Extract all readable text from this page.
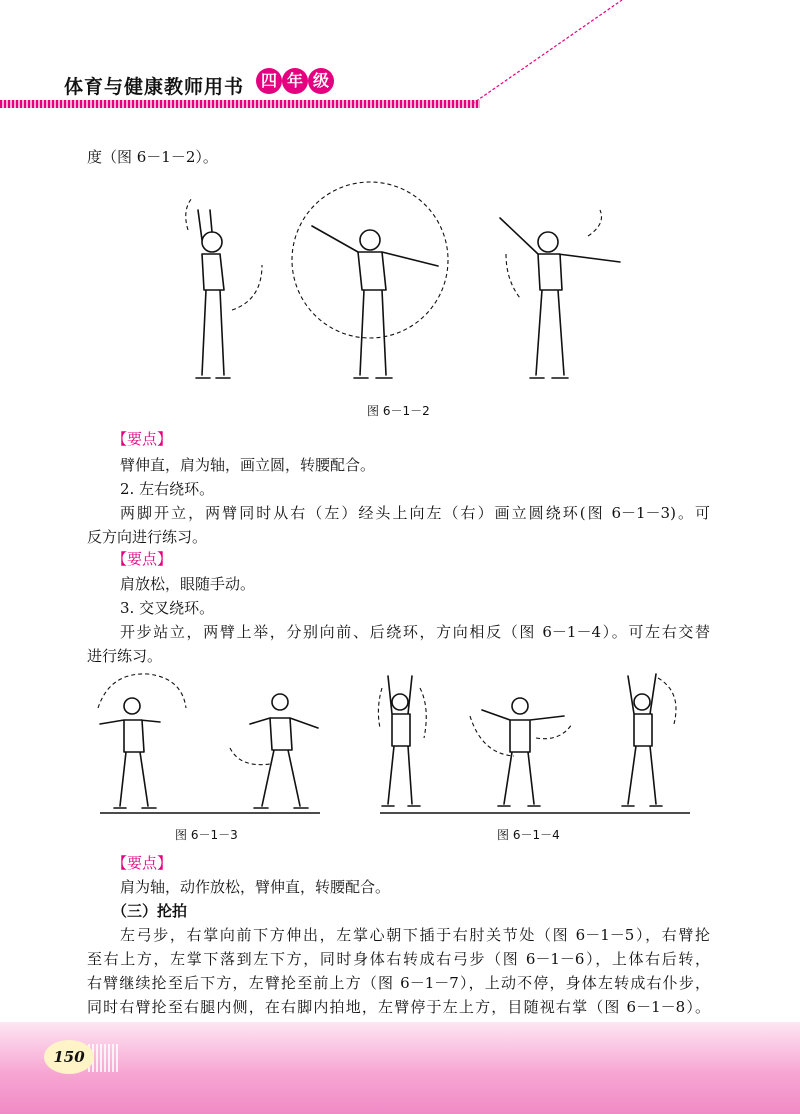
体育与健康教师用书	四 年 级
度（图 6－1－2）。
图 6－1－2
【要点】
臂伸直，肩为轴，画立圆，转腰配合。
2. 左右绕环。
两脚开立，两臂同时从右（左）经头上向左（右）画立圆绕环(图 6－1－3)。可
反方向进行练习。
【要点】
肩放松，眼随手动。
3. 交叉绕环。
开步站立，两臂上举，分别向前、后绕环，方向相反（图 6－1－4）。可左右交替
进行练习。
图 6－1－3	图 6－1－4
【要点】
肩为轴，动作放松，臂伸直，转腰配合。
（三）抡拍
左弓步，右掌向前下方伸出，左掌心朝下插于右肘关节处（图 6－1－5），右臂抡
至右上方，左掌下落到左下方，同时身体右转成右弓步（图 6－1－6），上体右后转，
右臂继续抡至后下方，左臂抡至前上方（图 6－1－7），上动不停，身体左转成右仆步，
同时右臂抡至右腿内侧，在右脚内拍地，左臂停于左上方，目随视右掌（图 6－1－8）。
150
